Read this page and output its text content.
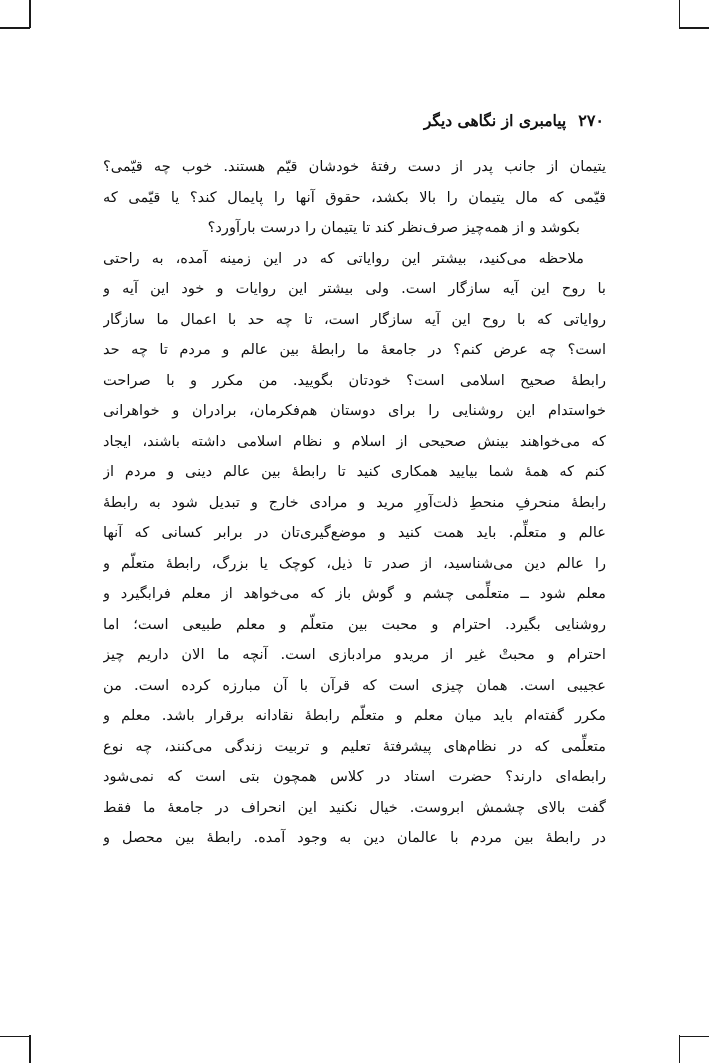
۲۷۰
پیامبری از نگاهی دیگر
یتیمان از جانب پدر از دست رفتهٔ خودشان قیّم هستند. خوب چه قیّمی؟
قیّمی که مال یتیمان را بالا بکشد، حقوق آنها را پایمال کند؟ یا قیّمی که
بکوشد و از همه‌چیز صرف‌نظر کند تا یتیمان را درست بارآورد؟
ملاحظه می‌کنید، بیشتر این روایاتی که در این زمینه آمده، به راحتی
با روح این آیه سازگار است. ولی بیشتر این روایات و خود این آیه و
روایاتی که با روح این آیه سازگار است، تا چه حد با اعمال ما سازگار
است؟ چه عرض کنم؟ در جامعهٔ ما رابطهٔ بین عالم و مردم تا چه حد
رابطهٔ صحیح اسلامی است؟ خودتان بگویید. من مکرر و با صراحت
خواستدام این روشنایی را برای دوستان هم‌فکرمان، برادران و خواهرانی
که می‌خواهند بینش صحیحی از اسلام و نظام اسلامی داشته باشند، ایجاد
کنم که همهٔ شما بیایید همکاری کنید تا رابطهٔ بین عالم دینی و مردم از
رابطهٔ منحرفِ منحطِ ذلت‌آورِ مرید و مرادی خارج و تبدیل شود به رابطهٔ
عالم و متعلِّم. باید همت کنید و موضع‌گیری‌تان در برابر کسانی که آنها
را عالم دین می‌شناسید، از صدر تا ذیل، کوچک یا بزرگ، رابطهٔ متعلّم و
معلم شود ــ متعلِّمی چشم و گوش باز که می‌خواهد از معلم فرابگیرد و
روشنایی بگیرد. احترام و محبت بین متعلّم و معلم طبیعی است؛ اما
احترام و محبتْ غیر از مریدو مرادبازی است. آنچه ما الان داریم چیز
عجیبی است. همان چیزی است که قرآن با آن مبارزه کرده است. من
مکرر گفته‌ام باید میان معلم و متعلّم رابطهٔ نقادانه برقرار باشد. معلم و
متعلِّمی که در نظام‌های پیشرفتهٔ تعلیم و تربیت زندگی می‌کنند، چه نوع
رابطه‌ای دارند؟ حضرت استاد در کلاس همچون بتی است که نمی‌شود
گفت بالای چشمش ابروست. خیال نکنید این انحراف در جامعهٔ ما فقط
در رابطهٔ بین مردم با عالمان دین به وجود آمده. رابطهٔ بین محصل و
